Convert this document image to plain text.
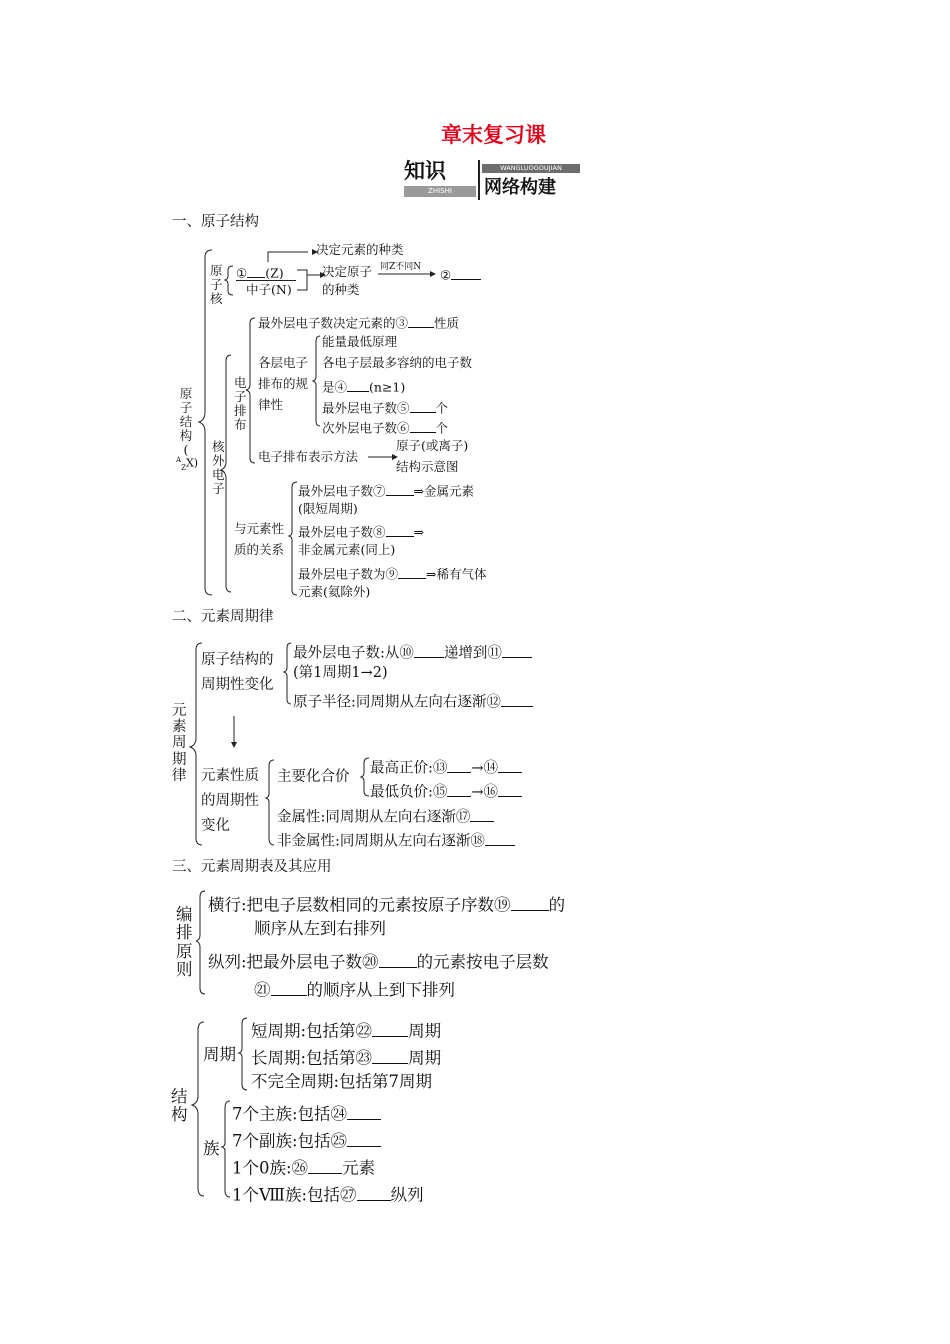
章末复习课
知识
ZHISHI
WANGLUOGOUJIAN
网络构建
一、原子结构
原子结构(
$^A_Z$X)
原子核
① (Z)
中子(N)
决定元素的种类
决定原子
的种类
同Z不同N
②
核外电子
最外层电子数决定元素的③ 性质
电子排布
各层电子
排布的规
律性
能量最低原理
各电子层最多容纳的电子数
是④ (n≥1)
最外层电子数⑤ 个
次外层电子数⑥ 个
电子排布表示方法
原子(或离子)
结构示意图
与元素性
质的关系
最外层电子数⑦ ⇒金属元素
(限短周期)
最外层电子数⑧ ⇒
非金属元素(同上)
最外层电子数为⑨ ⇒稀有气体
元素(氦除外)
二、元素周期律
元素周期律
原子结构的
周期性变化
最外层电子数:从⑩ 递增到⑪
(第1周期1→2)
原子半径:同周期从左向右逐渐⑫
元素性质
的周期性
变化
主要化合价
最高正价:⑬ →⑭
最低负价:⑮ →⑯
金属性:同周期从左向右逐渐⑰
非金属性:同周期从左向右逐渐⑱
三、元素周期表及其应用
编排原则
横行:把电子层数相同的元素按原子序数⑲ 的
顺序从左到右排列
纵列:把最外层电子数⑳ 的元素按电子层数
㉑ 的顺序从上到下排列
结构
周期
短周期:包括第㉒ 周期
长周期:包括第㉓ 周期
不完全周期:包括第7周期
族
7个主族:包括㉔
7个副族:包括㉕
1个0族:㉖ 元素
1个Ⅷ族:包括㉗ 纵列
